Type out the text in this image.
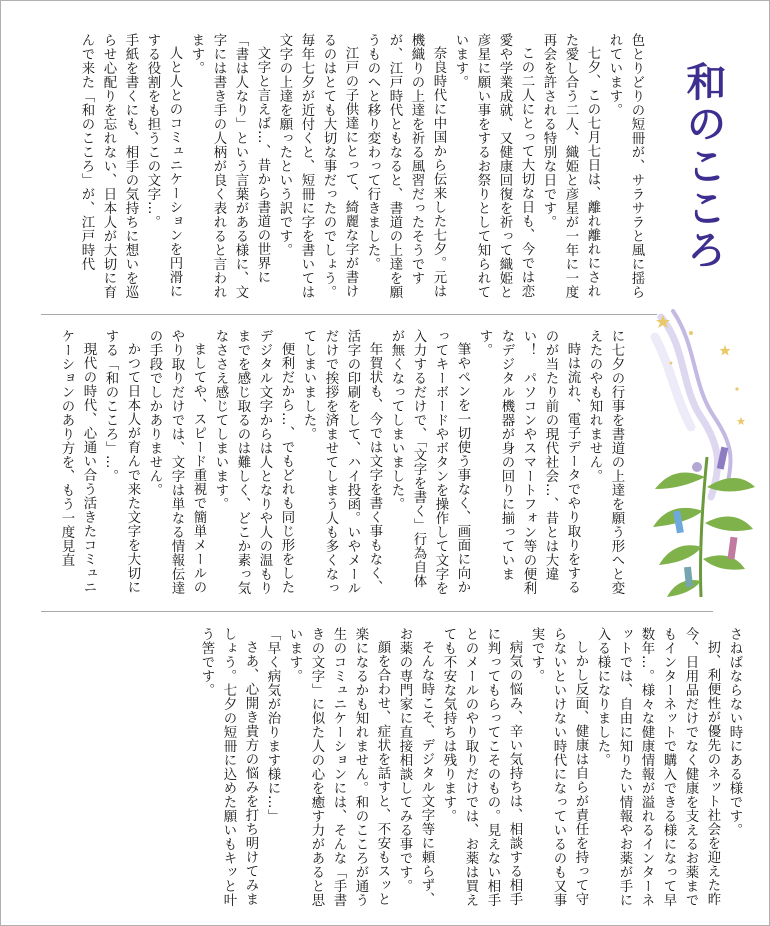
和のこころ

色とりどりの短冊が、サラサラと風に揺られています。

七夕、この七月七日は、離れ離れにされた愛し合う二人、織姫と彦星が一年に一度再会を許される特別な日です。

この二人にとって大切な日も、今では恋愛や学業成就、又健康回復を祈って織姫と彦星に願い事をするお祭りとして知られています。

奈良時代に中国から伝来した七夕。元は機織りの上達を祈る風習だったそうですが、江戸時代ともなると、書道の上達を願うものへと移り変わって行きました。

江戸の子供達にとって、綺麗な字が書けるのはとても大切な事だったのでしょう。毎年七夕が近付くと、短冊に字を書いては文字の上達を願ったという訳です。

文字と言えば…、昔から書道の世界に「書は人なり」という言葉がある様に、文字には書き手の人柄が良く表れると言われます。

人と人とのコミュニケーションを円滑にする役割をも担うこの文字…。

手紙を書くにも、相手の気持ちに想いを巡らせ心配りを忘れない、日本人が大切に育んで来た「和のこころ」が、江戸時代

に七夕の行事を書道の上達を願う形へと変えたのやも知れません。

時は流れ、電子データでやり取りをするのが当たり前の現代社会…、昔とは大違い！　パソコンやスマートフォン等の便利なデジタル機器が身の回りに揃っています。

筆やペンを一切使う事なく、画面に向かってキーボードやボタンを操作して文字を入力するだけで、「文字を書く」行為自体が無くなってしまいました。

年賀状も、今では文字を書く事もなく、活字の印刷をして、ハイ投函。いやメールだけで挨拶を済ませてしまう人も多くなってしまいました。

便利だから…、でもどれも同じ形をしたデジタル文字からは人となりや人の温もりまでを感じ取るのは難しく、どこか素っ気なささえ感じてしまいます。

ましてや、スピード重視で簡単メールのやり取りだけでは、文字は単なる情報伝達の手段でしかありません。

かつて日本人が育んで来た文字を大切にする「和のこころ」…。

現代の時代、心通い合う活きたコミュニケーションのあり方を、もう一度見直

さねばならない時にある様です。

扨、利便性が優先のネット社会を迎えた昨今、日用品だけでなく健康を支えるお薬までもインターネットで購入できる様になって早数年…。様々な健康情報が溢れるインターネットでは、自由に知りたい情報やお薬が手に入る様になりました。

しかし反面、健康は自らが責任を持って守らないといけない時代になっているのも又事実です。

病気の悩み、辛い気持ちは、相談する相手に判ってもらってこそのもの。見えない相手とのメールのやり取りだけでは、お薬は買えても不安な気持ちは残ります。

そんな時こそ、デジタル文字等に頼らず、お薬の専門家に直接相談してみる事です。

顔を合わせ、症状を話すと、不安もスッと楽になるかも知れません。和のこころが通う生のコミュニケーションには、そんな「手書きの文字」に似た人の心を癒す力があると思います。

「早く病気が治ります様に…」

さあ、心開き貴方の悩みを打ち明けてみましょう。七夕の短冊に込めた願いもキッと叶う筈です。
